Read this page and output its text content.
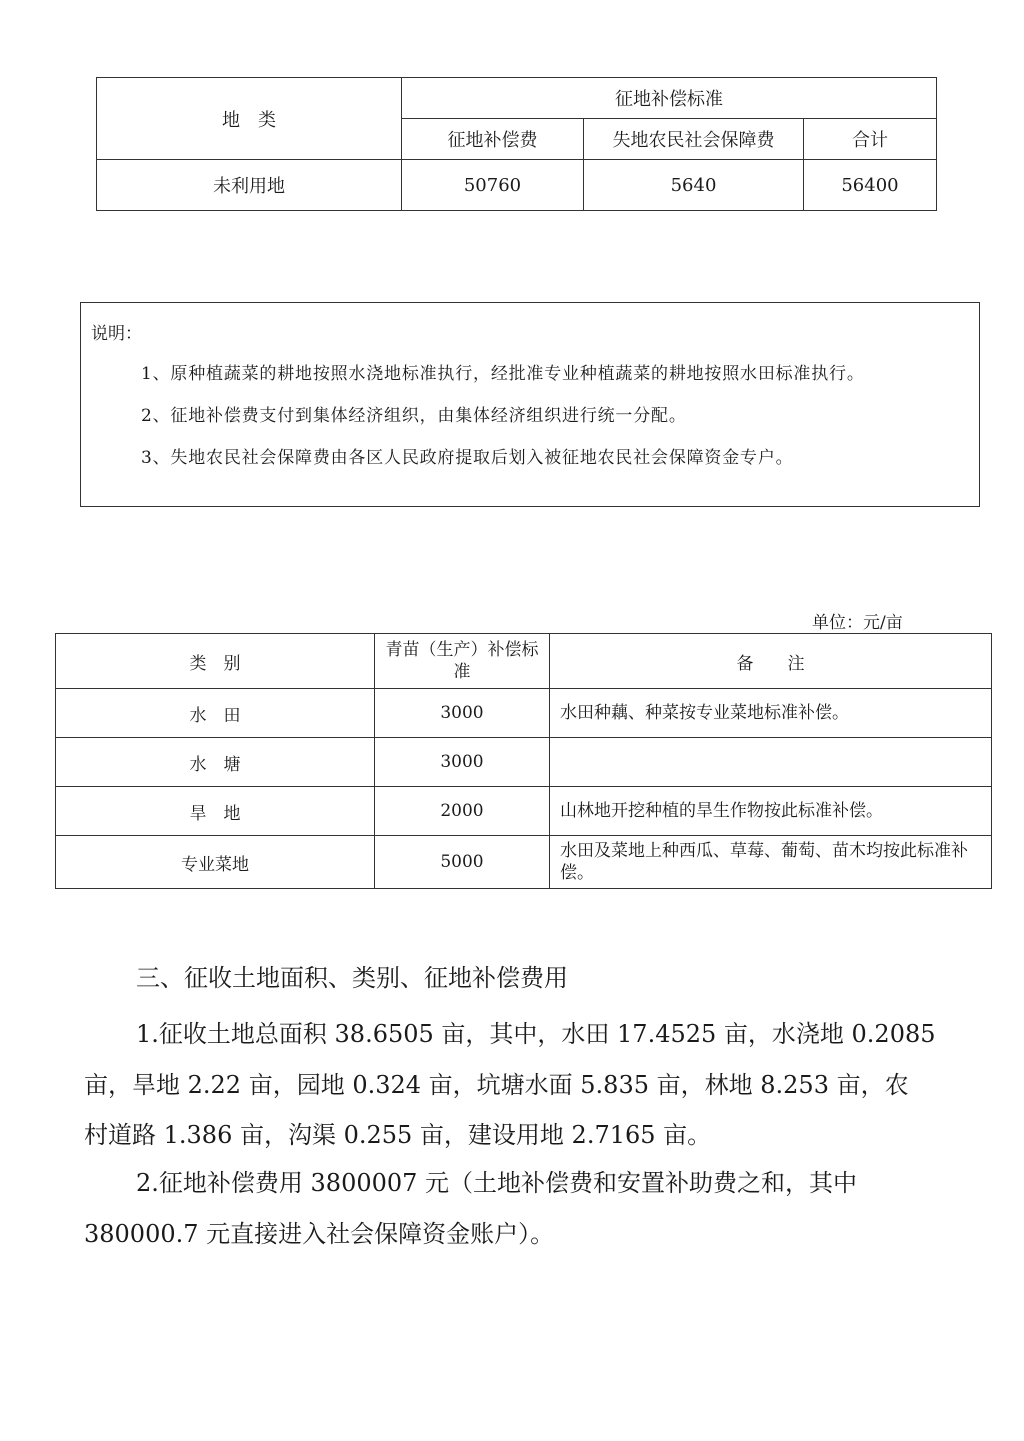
地　类	征地补偿标准		
	征地补偿费	失地农民社会保障费	合计
未利用地	50760	5640	56400
说明：
1、原种植蔬菜的耕地按照水浇地标准执行，经批准专业种植蔬菜的耕地按照水田标准执行。
2、征地补偿费支付到集体经济组织，由集体经济组织进行统一分配。
3、失地农民社会保障费由各区人民政府提取后划入被征地农民社会保障资金专户。
单位：元/亩
类　别	青苗（生产）补偿标准	备　　注
水　田	3000	水田种藕、种菜按专业菜地标准补偿。
水　塘	3000	
旱　地	2000	山林地开挖种植的旱生作物按此标准补偿。
专业菜地	5000	水田及菜地上种西瓜、草莓、葡萄、苗木均按此标准补偿。
三、征收土地面积、类别、征地补偿费用
1.征收土地总面积 38.6505 亩，其中，水田 17.4525 亩，水浇地 0.2085
亩，旱地 2.22 亩，园地 0.324 亩，坑塘水面 5.835 亩，林地 8.253 亩，农
村道路 1.386 亩，沟渠 0.255 亩，建设用地 2.7165 亩。
2.征地补偿费用 3800007 元（土地补偿费和安置补助费之和，其中
380000.7 元直接进入社会保障资金账户）。
